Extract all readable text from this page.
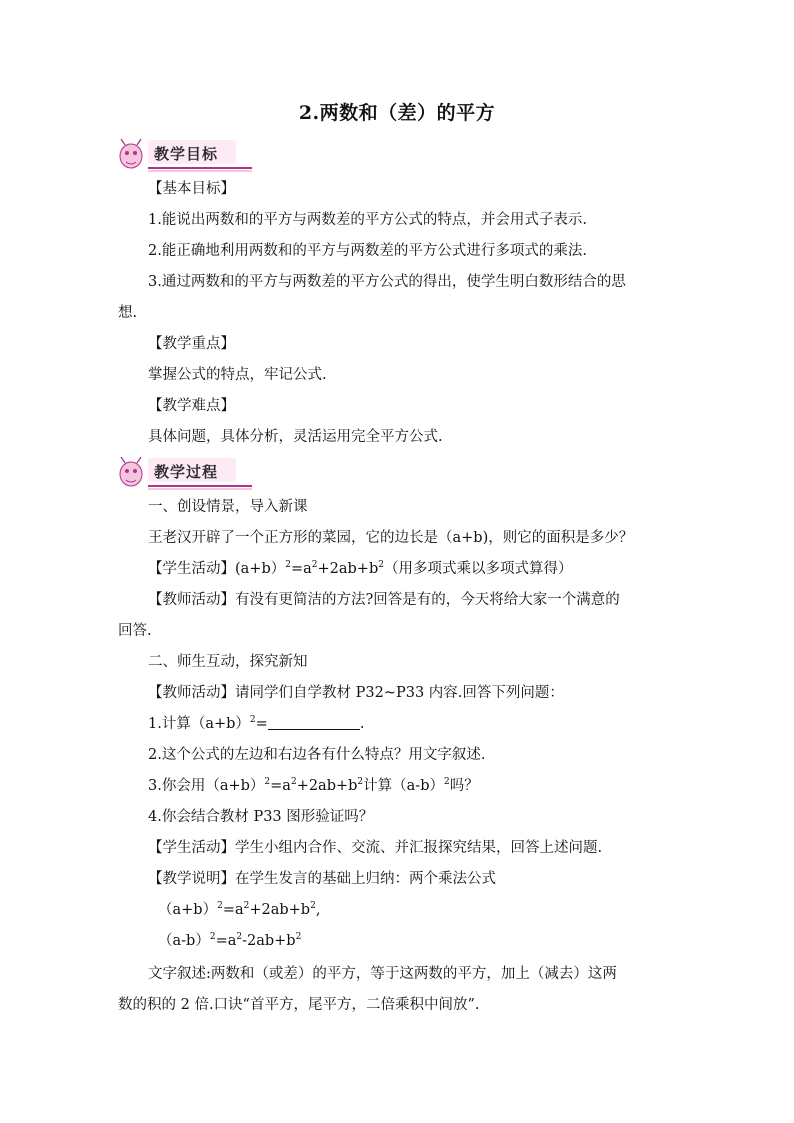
2.两数和（差）的平方
教学目标
【基本目标】
1.能说出两数和的平方与两数差的平方公式的特点，并会用式子表示.
2.能正确地利用两数和的平方与两数差的平方公式进行多项式的乘法.
3.通过两数和的平方与两数差的平方公式的得出，使学生明白数形结合的思
想.
【教学重点】
掌握公式的特点，牢记公式.
【教学难点】
具体问题，具体分析，灵活运用完全平方公式.
教学过程
一、创设情景，导入新课
王老汉开辟了一个正方形的菜园，它的边长是（a+b)，则它的面积是多少？
【学生活动】$(a+b)^2=a^2+2ab+b^2$（用多项式乘以多项式算得）
【教师活动】有没有更简洁的方法?回答是有的，今天将给大家一个满意的
回答.
二、师生互动，探究新知
【教师活动】请同学们自学教材 P32~P33 内容.回答下列问题：
1.计算$(a+b)^2=$	.
2.这个公式的左边和右边各有什么特点？用文字叙述.
3.你会用$(a+b)^2=a^2+2ab+b^2$计算$(a-b)^2$吗？
4.你会结合教材 P33 图形验证吗？
【学生活动】学生小组内合作、交流、并汇报探究结果，回答上述问题.
【教学说明】在学生发言的基础上归纳：两个乘法公式
$(a+b)^2=a^2+2ab+b^2$,
$(a-b)^2=a^2-2ab+b^2$
文字叙述:两数和（或差）的平方，等于这两数的平方，加上（减去）这两
数的积的 2 倍.口诀“首平方，尾平方，二倍乘积中间放”.
